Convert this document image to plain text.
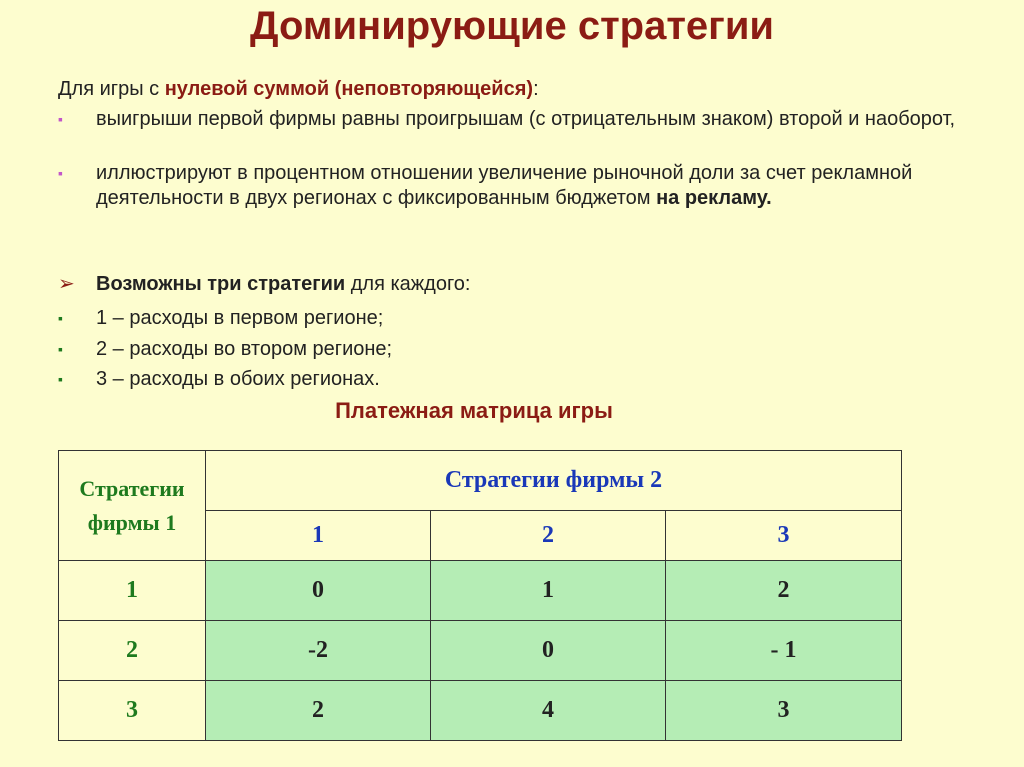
Доминирующие стратегии
Для игры с нулевой суммой (неповторяющейся):
▪ выигрыши первой фирмы равны проигрышам (с отрицательным знаком) второй и наоборот,
▪ иллюстрируют в процентном отношении увеличение рыночной доли за счет рекламной деятельности в двух регионах с фиксированным бюджетом на рекламу.
➢ Возможны три стратегии для каждого:
▪ 1 – расходы в первом регионе;
▪ 2 – расходы во втором регионе;
▪ 3 – расходы в обоих регионах.
Платежная матрица игры
Стратегии
фирмы 1	Стратегии фирмы 2		
	1	2	3
1	0	1	2
2	-2	0	- 1
3	2	4	3
